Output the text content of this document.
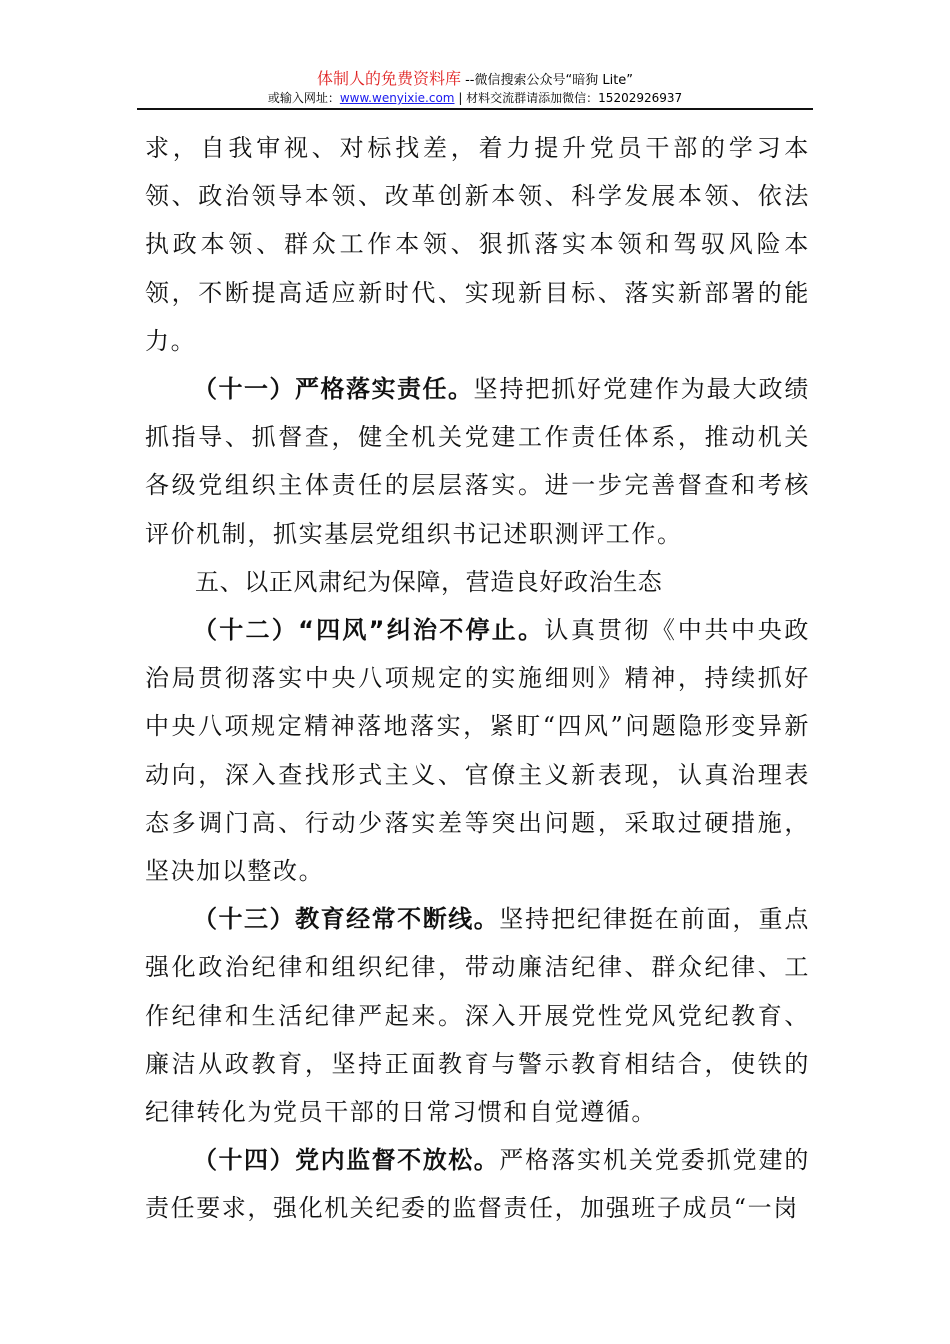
体制人的免费资料库 --微信搜索公众号“暗狗 Lite”
或输入网址：www.wenyixie.com | 材料交流群请添加微信：15202926937

求，自我审视、对标找差，着力提升党员干部的学习本领、政治领导本领、改革创新本领、科学发展本领、依法执政本领、群众工作本领、狠抓落实本领和驾驭风险本领，不断提高适应新时代、实现新目标、落实新部署的能力。

（十一）严格落实责任。坚持把抓好党建作为最大政绩抓指导、抓督查，健全机关党建工作责任体系，推动机关各级党组织主体责任的层层落实。进一步完善督查和考核评价机制，抓实基层党组织书记述职测评工作。

五、以正风肃纪为保障，营造良好政治生态

（十二）“四风”纠治不停止。认真贯彻《中共中央政治局贯彻落实中央八项规定的实施细则》精神，持续抓好中央八项规定精神落地落实，紧盯“四风”问题隐形变异新动向，深入查找形式主义、官僚主义新表现，认真治理表态多调门高、行动少落实差等突出问题，采取过硬措施，坚决加以整改。

（十三）教育经常不断线。坚持把纪律挺在前面，重点强化政治纪律和组织纪律，带动廉洁纪律、群众纪律、工作纪律和生活纪律严起来。深入开展党性党风党纪教育、廉洁从政教育，坚持正面教育与警示教育相结合，使铁的纪律转化为党员干部的日常习惯和自觉遵循。

（十四）党内监督不放松。严格落实机关党委抓党建的责任要求，强化机关纪委的监督责任，加强班子成员“一岗
